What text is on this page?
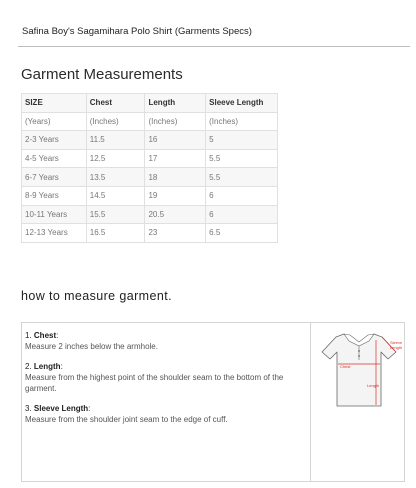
Safina Boy's Sagamihara Polo Shirt (Garments Specs)
Garment Measurements
SIZE	Chest	Length	Sleeve Length
(Years)	(Inches)	(Inches)	(Inches)
2-3 Years	11.5	16	5
4-5 Years	12.5	17	5.5
6-7 Years	13.5	18	5.5
8-9 Years	14.5	19	6
10-11 Years	15.5	20.5	6
12-13 Years	16.5	23	6.5
how to measure garment.
1. Chest:
Measure 2 inches below the armhole.
2. Length:
Measure from the highest point of the shoulder seam to the bottom of the garment.
3. Sleeve Length:
Measure from the shoulder joint seam to the edge of cuff.
Chest
Length
Sleeve
Length
